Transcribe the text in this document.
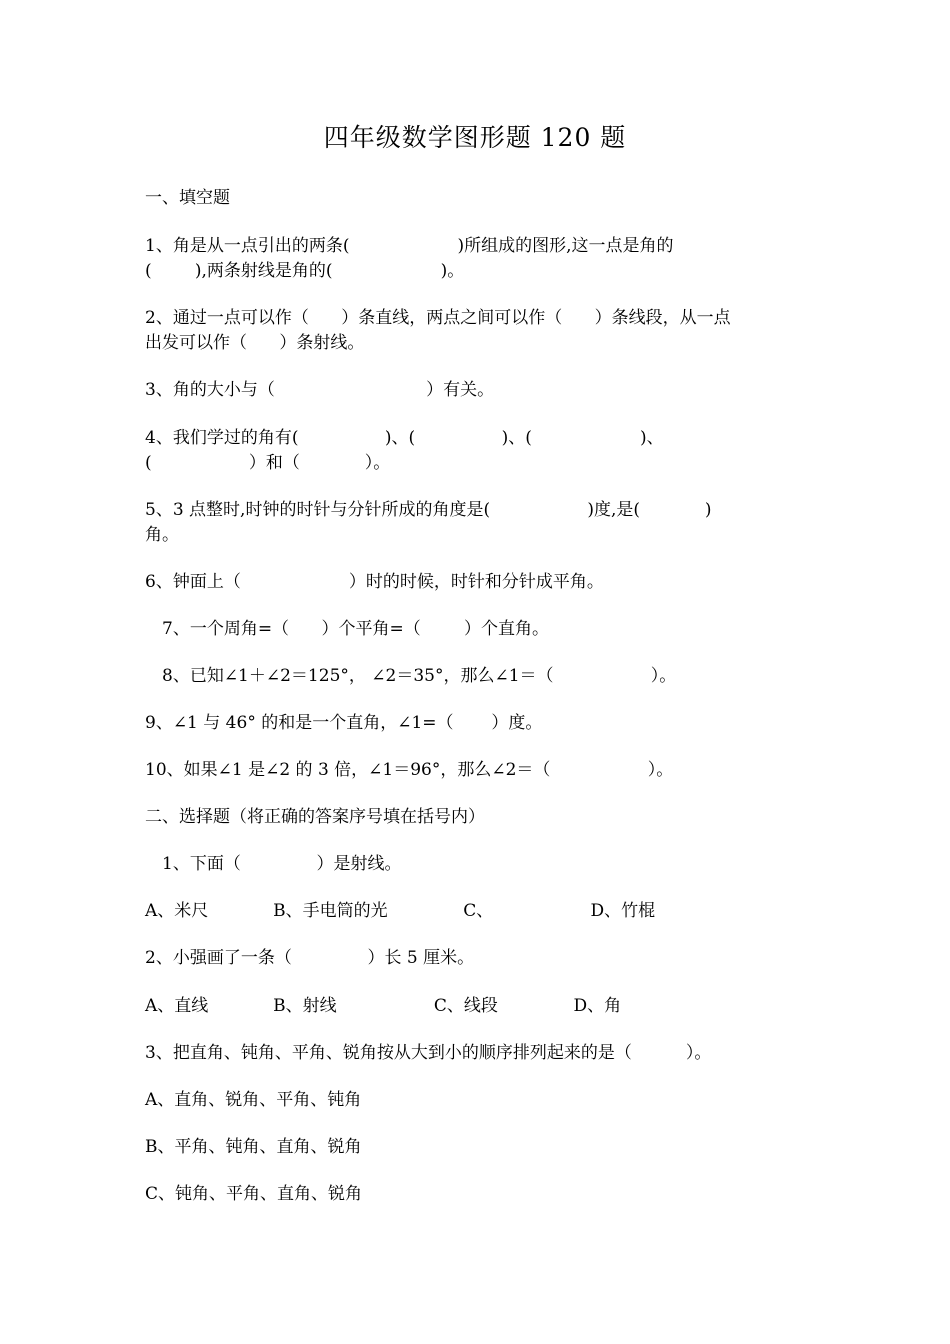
四年级数学图形题 120 题

一、填空题

1、角是从一点引出的两条(                    )所组成的图形,这一点是角的

(        ),两条射线是角的(                    )。

2、通过一点可以作（      ）条直线，两点之间可以作（      ）条线段，从一点

出发可以作（      ）条射线。

3、角的大小与（                            ）有关。

4、我们学过的角有(                )、(                )、(                    )、

(                  ）和（            ）。

5、3 点整时,时钟的时针与分针所成的角度是(                  )度,是(            )

角。

6、钟面上（                    ）时的时候，时针和分针成平角。

7、一个周角=（      ）个平角=（        ）个直角。

8、已知∠1＋∠2＝125°， ∠2＝35°，那么∠1＝（                  ）。

9、∠1 与 46° 的和是一个直角，∠1=（       ）度。

10、如果∠1 是∠2 的 3 倍，∠1＝96°，那么∠2＝（                  ）。

二、选择题（将正确的答案序号填在括号内）

1、下面（              ）是射线。

A、米尺            B、手电筒的光              C、                  D、竹棍

2、小强画了一条（              ）长 5 厘米。

A、直线            B、射线                  C、线段              D、角

3、把直角、钝角、平角、锐角按从大到小的顺序排列起来的是（          ）。

A、直角、锐角、平角、钝角

B、平角、钝角、直角、锐角

C、钝角、平角、直角、锐角
